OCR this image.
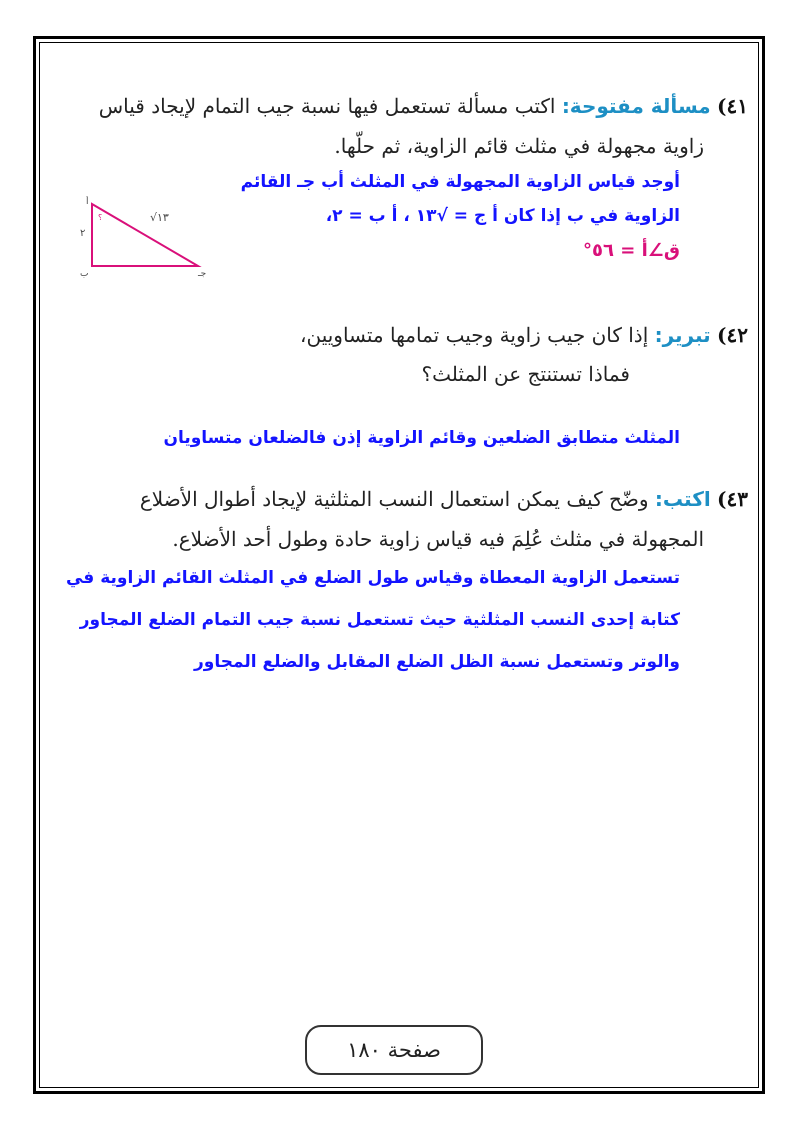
٤١) مسألة مفتوحة: اكتب مسألة تستعمل فيها نسبة جيب التمام لإيجاد قياس
زاوية مجهولة في مثلث قائم الزاوية، ثم حلّها.
أوجد قياس الزاوية المجهولة في المثلث أب جـ القائم
الزاوية في ب إذا كان أ ج = √١٣ ، أ ب = ٢،
ق∠أ = ٥٦°
√١٣
٢
أ
ب	جـ
؟
٤٢) تبرير: إذا كان جيب زاوية وجيب تمامها متساويين،
فماذا تستنتج عن المثلث؟
المثلث متطابق الضلعين وقائم الزاوية إذن فالضلعان متساويان
٤٣) اكتب: وضّح كيف يمكن استعمال النسب المثلثية لإيجاد أطوال الأضلاع
المجهولة في مثلث عُلِمَ فيه قياس زاوية حادة وطول أحد الأضلاع.
تستعمل الزاوية المعطاة وقياس طول الضلع في المثلث القائم الزاوية في
كتابة إحدى النسب المثلثية حيث تستعمل نسبة جيب التمام الضلع المجاور
والوتر وتستعمل نسبة الظل الضلع المقابل والضلع المجاور
صفحة ١٨٠
